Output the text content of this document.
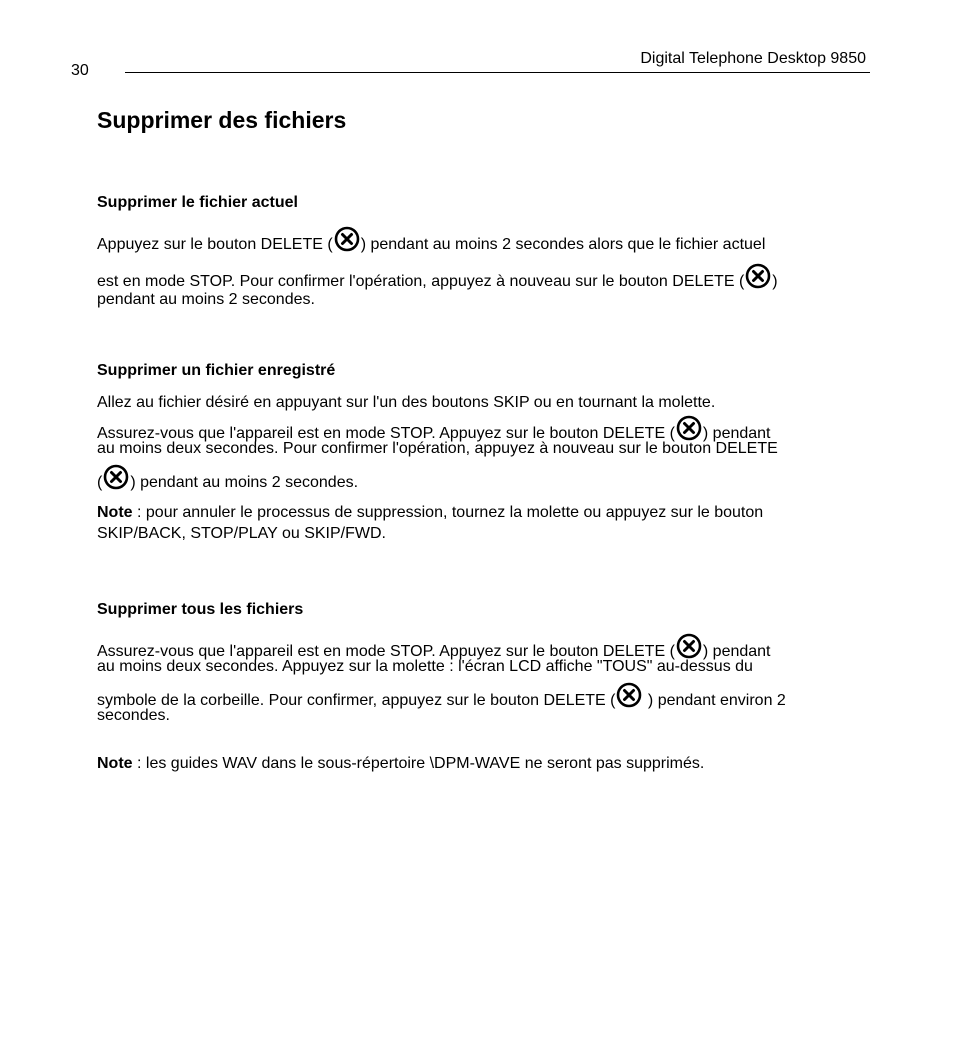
30
Digital Telephone Desktop 9850
Supprimer des fichiers
Supprimer le fichier actuel
Appuyez sur le bouton DELETE ( ) pendant au moins 2 secondes alors que le fichier actuel
est en mode STOP. Pour confirmer l'opération, appuyez à nouveau sur le bouton DELETE ( )
pendant au moins 2 secondes.
Supprimer un fichier enregistré

Allez au fichier désiré en appuyant sur l'un des boutons SKIP ou en tournant la molette.

Assurez-vous que l'appareil est en mode STOP. Appuyez sur le bouton DELETE ( ) pendant
au moins deux secondes. Pour confirmer l'opération, appuyez à nouveau sur le bouton DELETE
( ) pendant au moins 2 secondes.
Note : pour annuler le processus de suppression, tournez la molette ou appuyez sur le bouton
SKIP/BACK, STOP/PLAY ou SKIP/FWD.
Supprimer tous les fichiers
Assurez-vous que l'appareil est en mode STOP. Appuyez sur le bouton DELETE ( ) pendant
au moins deux secondes. Appuyez sur la molette : l'écran LCD affiche "TOUS" au-dessus du
symbole de la corbeille. Pour confirmer, appuyez sur le bouton DELETE (
) pendant environ 2
secondes.

Note : les guides WAV dans le sous-répertoire \DPM-WAVE ne seront pas supprimés.
